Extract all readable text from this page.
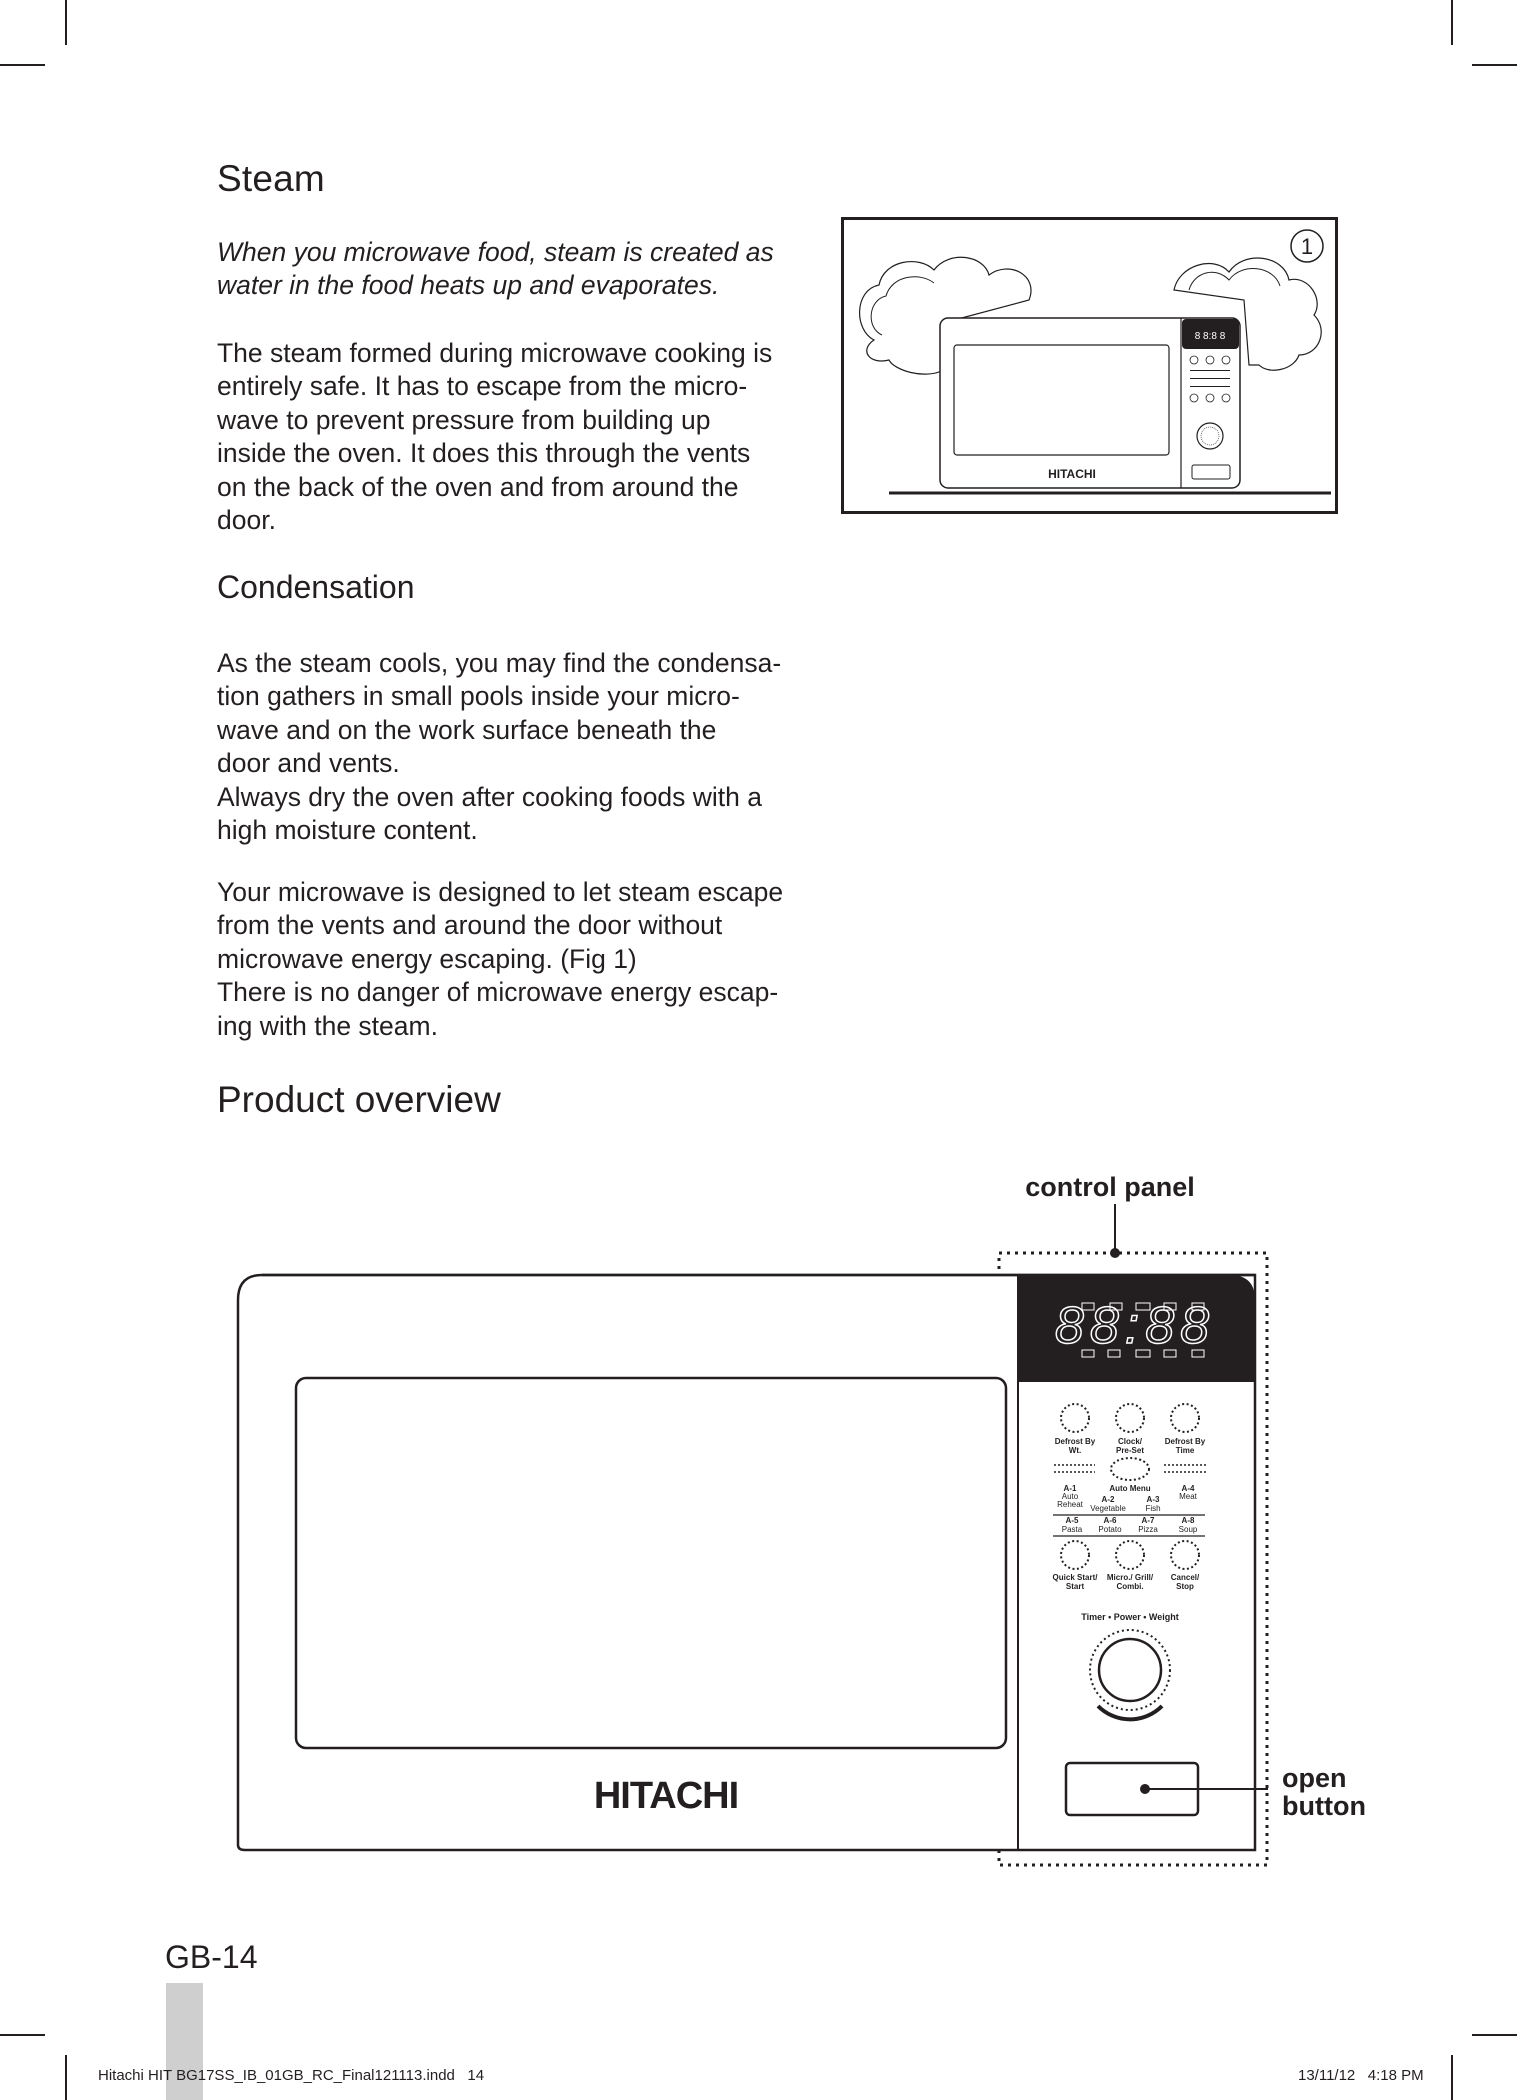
Steam

When you microwave food, steam is created as
water in the food heats up and evaporates.

The steam formed during microwave cooking is
entirely safe. It has to escape from the micro-
wave to prevent pressure from building up
inside the oven. It does this through the vents
on the back of the oven and from around the
door.

Condensation

As the steam cools, you may find the condensa-
tion gathers in small pools inside your micro-
wave and on the work surface beneath the
door and vents.
Always dry the oven after cooking foods with a
high moisture content.

Your microwave is designed to let steam escape
from the vents and around the door without
microwave energy escaping. (Fig 1)
There is no danger of microwave energy escap-
ing with the steam.

Product overview
8 8:8 8
HITACHI
1
control panel
88:88
Defrost By
Wt.
Clock/
Pre-Set
Defrost By
Time
Auto Menu
A-1	A-4
A-2	A-3
A-5	A-6	A-7	A-8
Quick Start/
Start
Micro./ Grill/
Combi.
Cancel/
Stop
Auto
Reheat
Meat
Vegetable Fish
Pasta Potato Pizza	Soup
Timer • Power • Weight
open
button
HITACHI
GB-14
Hitachi HIT BG17SS_IB_01GB_RC_Final121113.indd   14	13/11/12   4:18 PM
